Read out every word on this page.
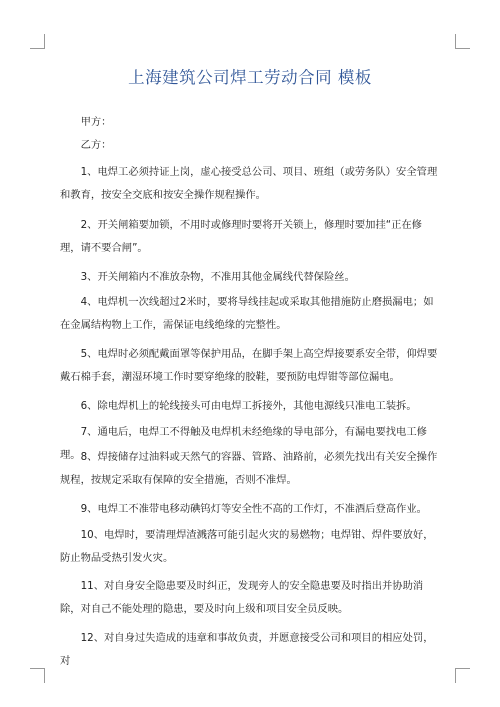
上海建筑公司焊工劳动合同 模板

甲方：

乙方：

1、电焊工必须持证上岗，虚心接受总公司、项目、班组（或劳务队）安全管理和教育，按安全交底和按安全操作规程操作。

2、开关闸箱要加锁，不用时或修理时要将开关锁上，修理时要加挂“正在修理，请不要合闸”。

3、开关闸箱内不准放杂物，不准用其他金属线代替保险丝。

4、电焊机一次线超过2米时，要将导线挂起或采取其他措施防止磨损漏电；如在金属结构物上工作，需保证电线绝缘的完整性。

5、电焊时必须配戴面罩等保护用品，在脚手架上高空焊接要系安全带，仰焊要戴石棉手套，潮湿环境工作时要穿绝缘的胶鞋，要预防电焊钳等部位漏电。

6、除电焊机上的轮线接头可由电焊工拆接外，其他电源线只准电工装拆。

7、通电后，电焊工不得触及电焊机未经绝缘的导电部分，有漏电要找电工修理。 8、焊接储存过油料或天然气的容器、管路、油路前，必须先找出有关安全操作规程，按规定采取有保障的安全措施，否则不准焊。

9、电焊工不准带电移动碘钨灯等安全性不高的工作灯，不准酒后登高作业。

10、电焊时，要清理焊渣溅落可能引起火灾的易燃物；电焊钳、焊件要放好，防止物品受热引发火灾。

11、对自身安全隐患要及时纠正，发现旁人的安全隐患要及时指出并协助消除，对自己不能处理的隐患，要及时向上级和项目安全员反映。

12、对自身过失造成的违章和事故负责，并愿意接受公司和项目的相应处罚，对
